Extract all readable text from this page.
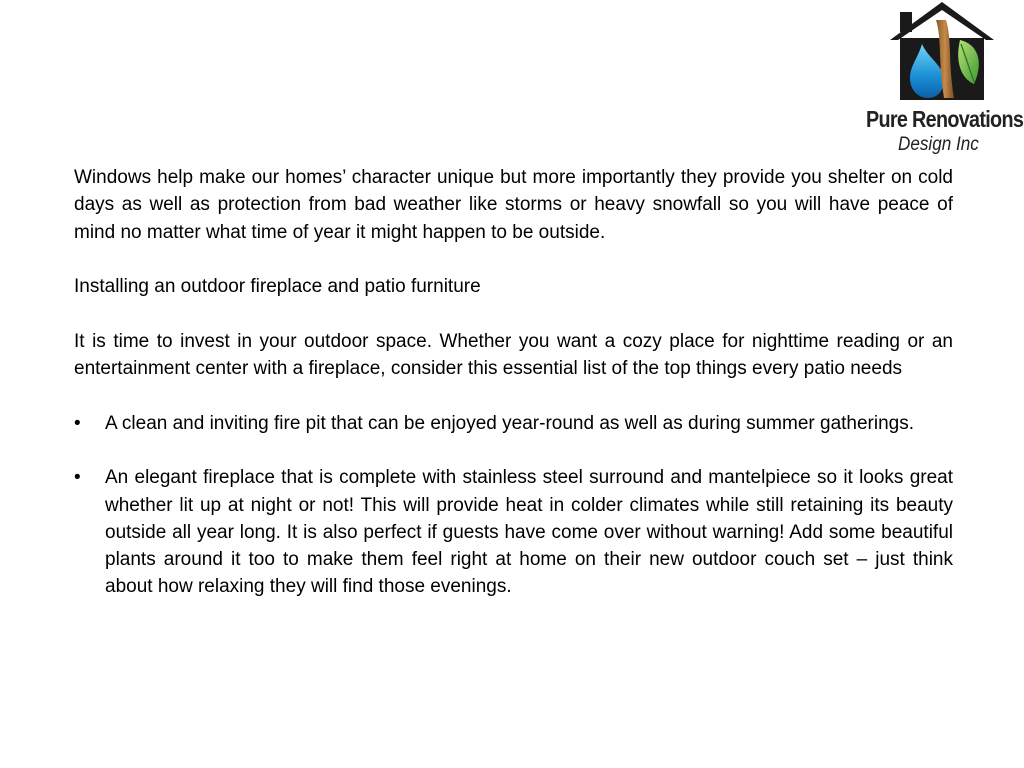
Pure Renovations
Design Inc

Windows help make our homes’ character unique but more importantly they provide you shelter on cold days as well as protection from bad weather like storms or heavy snowfall so you will have peace of mind no matter what time of year it might happen to be outside.

Installing an outdoor fireplace and patio furniture

It is time to invest in your outdoor space. Whether you want a cozy place for nighttime reading or an entertainment center with a fireplace, consider this essential list of the top things every patio needs

• A clean and inviting fire pit that can be enjoyed year-round as well as during summer gatherings.
• An elegant fireplace that is complete with stainless steel surround and mantelpiece so it looks great whether lit up at night or not! This will provide heat in colder climates while still retaining its beauty outside all year long. It is also perfect if guests have come over without warning! Add some beautiful plants around it too to make them feel right at home on their new outdoor couch set – just think about how relaxing they will find those evenings.
